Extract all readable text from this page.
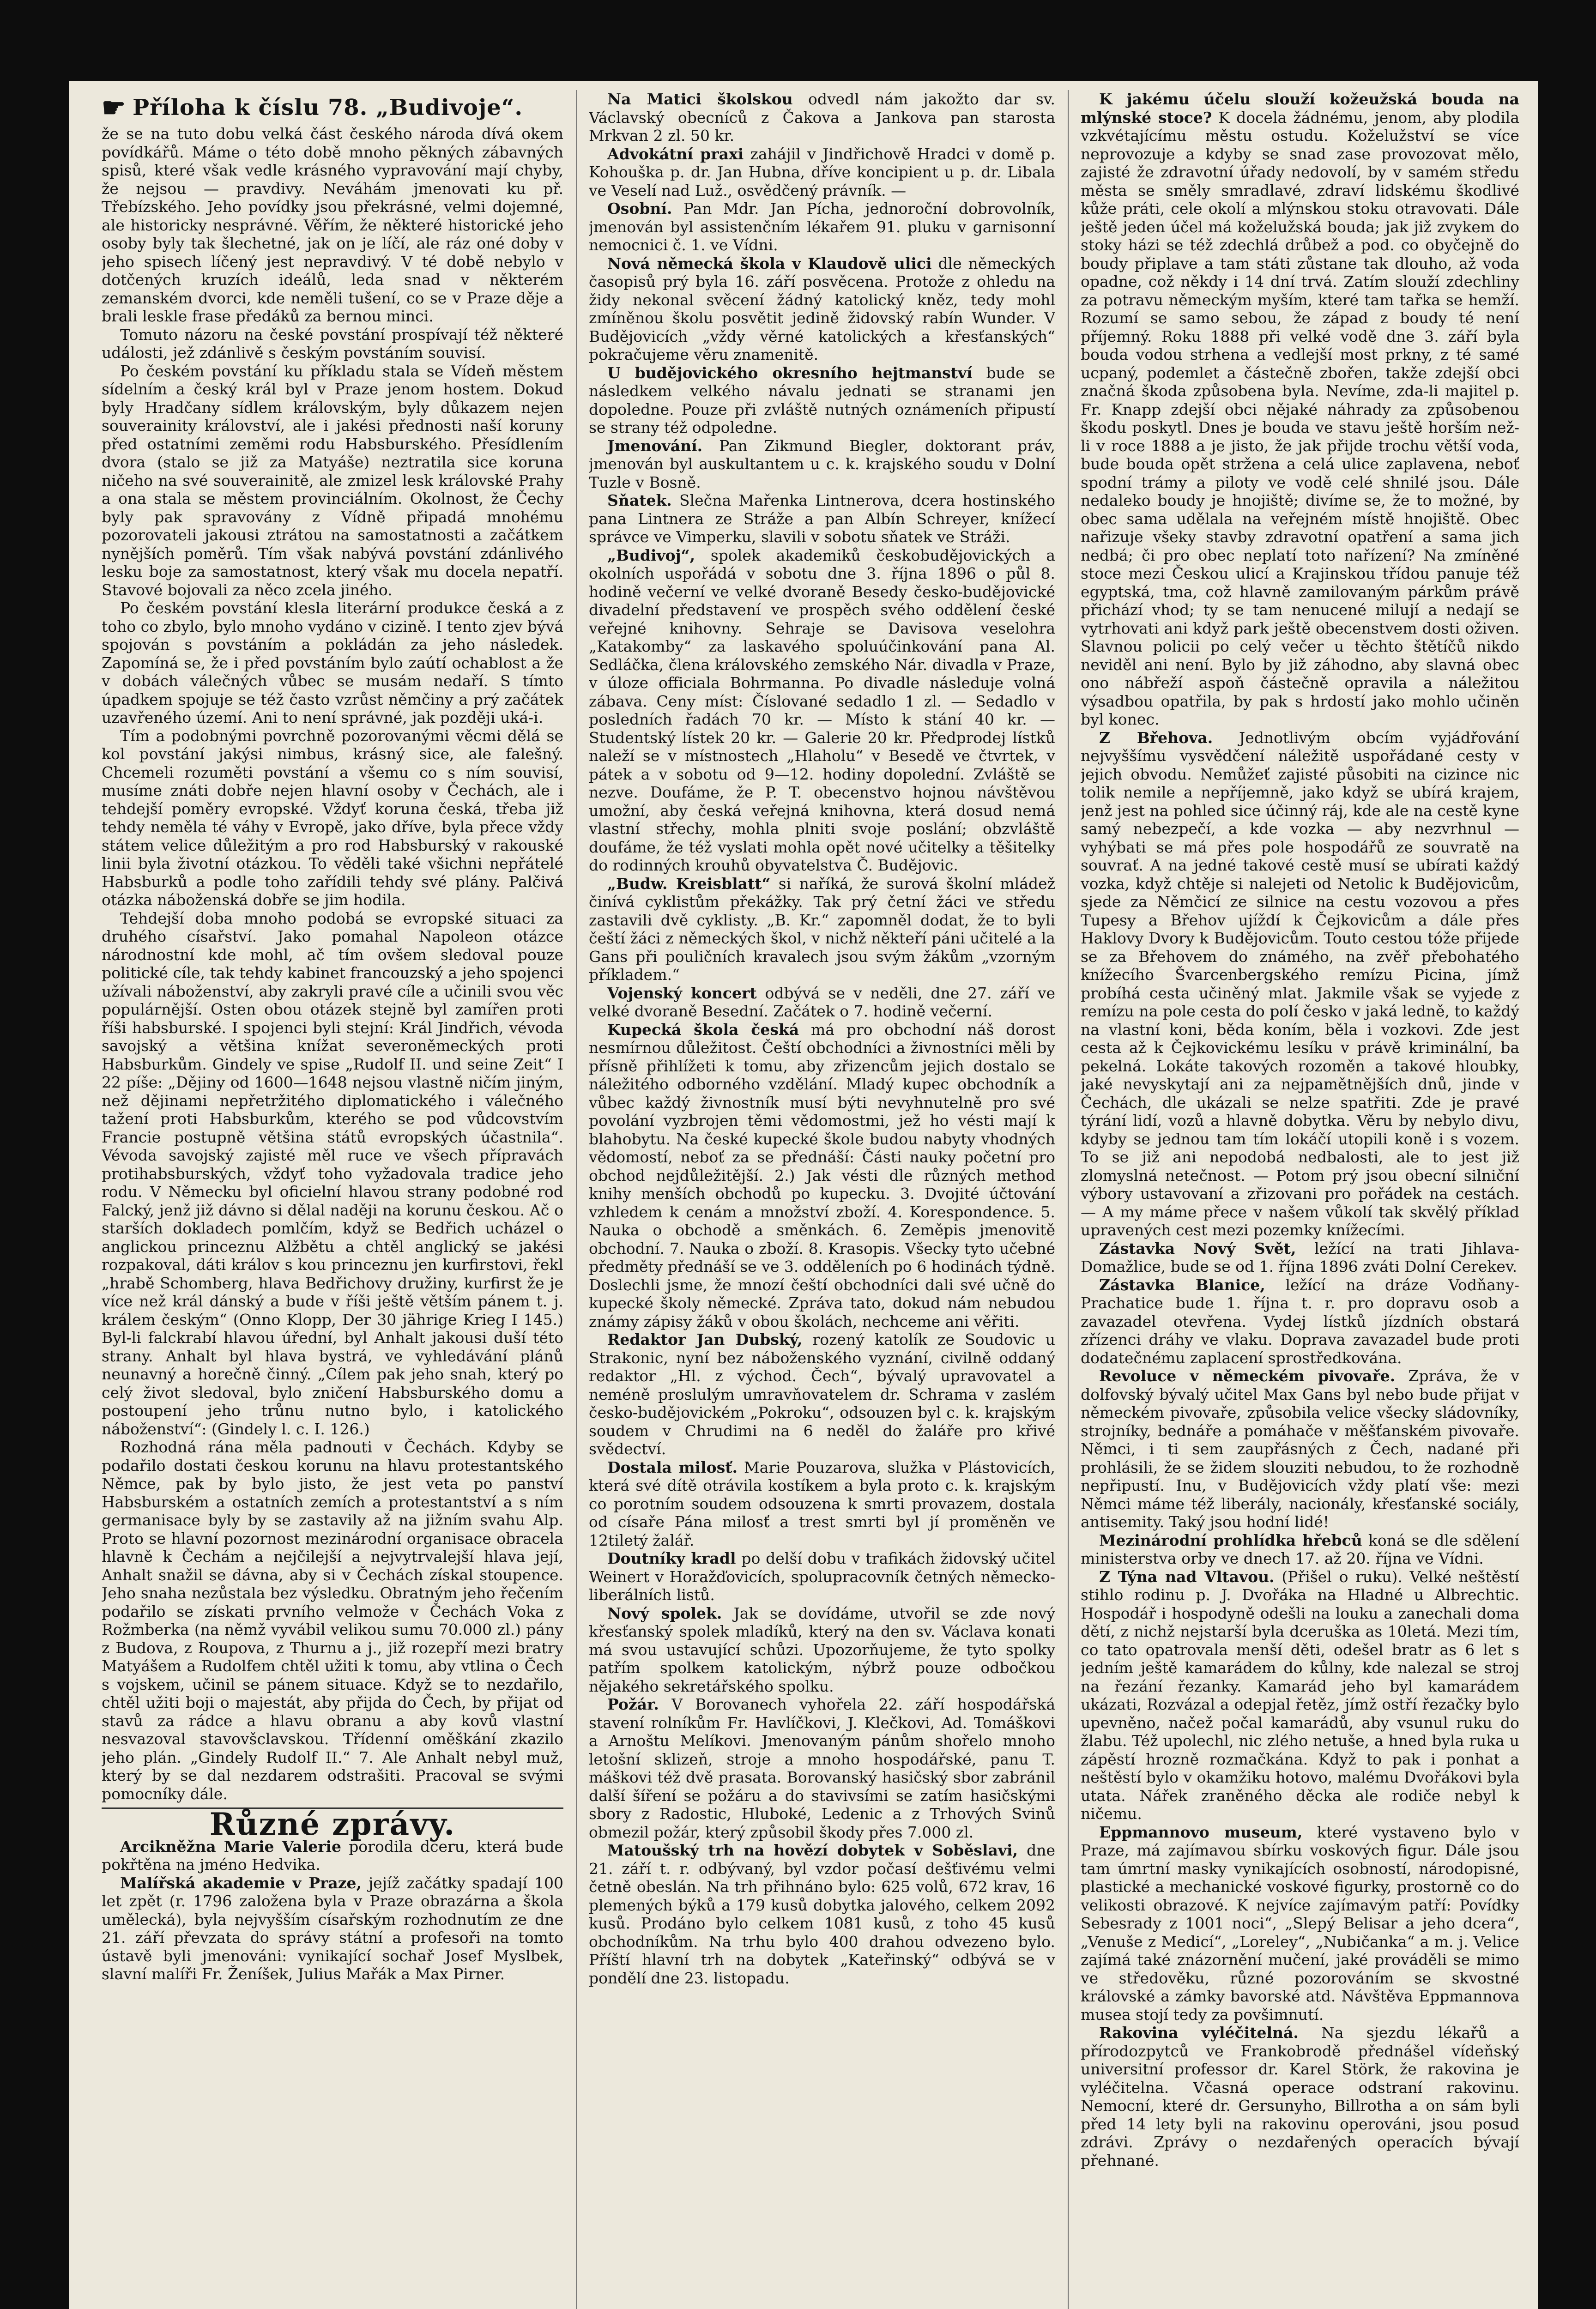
☛ Příloha k číslu 78. „Budivoje“.

že se na tuto dobu velká část českého národa dívá okem povídkářů. Máme o této době mnoho pěkných zábavných spisů, které však vedle krásného vypravování mají chyby, že nejsou — pravdivy. Neváhám jmenovati ku př. Třebízského. Jeho povídky jsou překrásné, velmi dojemné, ale historicky nesprávné. Věřím, že některé historické jeho osoby byly tak šlechetné, jak on je líčí, ale ráz oné doby v jeho spisech líčený jest nepravdivý. V té době nebylo v dotčených kruzích ideálů, leda snad v některém zemanském dvorci, kde neměli tušení, co se v Praze děje a brali leskle frase předáků za bernou minci.

Tomuto názoru na české povstání prospívají též některé události, jež zdánlivě s českým povstáním souvisí.

Po českém povstání ku příkladu stala se Vídeň městem sídelním a český král byl v Praze jenom hostem. Dokud byly Hradčany sídlem královským, byly důkazem nejen souverainity království, ale i jakési přednosti naší koruny před ostatními zeměmi rodu Habsburského. Přesídlením dvora (stalo se již za Matyáše) neztratila sice koruna ničeho na své souverainitě, ale zmizel lesk královské Prahy a ona stala se městem provinciálním. Okolnost, že Čechy byly pak spravovány z Vídně připadá mnohému pozorovateli jakousi ztrátou na samostatnosti a začátkem nynějších poměrů. Tím však nabývá povstání zdánlivého lesku boje za samostatnost, který však mu docela nepatří. Stavové bojovali za něco zcela jiného.

Po českém povstání klesla literární produkce česká a z toho co zbylo, bylo mnoho vydáno v cizině. I tento zjev bývá spojován s povstáním a pokládán za jeho následek. Zapomíná se, že i před povstáním bylo zaútí ochablost a že v dobách válečných vůbec se musám nedaří. S tímto úpadkem spojuje se též často vzrůst němčiny a prý začátek uzavřeného území. Ani to není správné, jak později uká-i.

Tím a podobnými povrchně pozorovanými věcmi dělá se kol povstání jakýsi nimbus, krásný sice, ale falešný. Chcemeli rozuměti povstání a všemu co s ním souvisí, musíme znáti dobře nejen hlavní osoby v Čechách, ale i tehdejší poměry evropské. Vždyť koruna česká, třeba již tehdy neměla té váhy v Evropě, jako dříve, byla přece vždy státem velice důležitým a pro rod Habsburský v rakouské linii byla životní otázkou. To věděli také všichni nepřátelé Habsburků a podle toho zařídili tehdy své plány. Palčivá otázka náboženská dobře se jim hodila.

Tehdejší doba mnoho podobá se evropské situaci za druhého císařství. Jako pomahal Napoleon otázce národnostní kde mohl, ač tím ovšem sledoval pouze politické cíle, tak tehdy kabinet francouzský a jeho spojenci užívali náboženství, aby zakryli pravé cíle a učinili svou věc populárnější. Osten obou otázek stejně byl zamířen proti říši habsburské. I spojenci byli stejní: Král Jindřich, vévoda savojský a většina knížat severoněmeckých proti Habsburkům. Gindely ve spise „Rudolf II. und seine Zeit“ I 22 píše: „Dějiny od 1600—1648 nejsou vlastně ničím jiným, než dějinami nepřetržitého diplomatického i válečného tažení proti Habsburkům, kterého se pod vůdcovstvím Francie postupně většina států evropských účastnila“. Vévoda savojský zajisté měl ruce ve všech přípravách protihabsburských, vždyť toho vyžadovala tradice jeho rodu. V Německu byl oficielní hlavou strany podobné rod Falcký, jenž již dávno si dělal naději na korunu českou. Ač o starších dokladech pomlčím, když se Bedřich ucházel o anglickou princeznu Alžbětu a chtěl anglický se jakési rozpakoval, dáti králov s kou princeznu jen kurfirstovi, řekl „hrabě Schomberg, hlava Bedřichovy družiny, kurfirst že je více než král dánský a bude v říši ještě větším pánem t. j. králem českým“ (Onno Klopp, Der 30 jährige Krieg I 145.) Byl-li falckrabí hlavou úřední, byl Anhalt jakousi duší této strany. Anhalt byl hlava bystrá, ve vyhledávání plánů neunavný a horečně činný. „Cílem pak jeho snah, který po celý život sledoval, bylo zničení Habsburského domu a postoupení jeho trůnu nutno bylo, i katolického náboženství“: (Gindely l. c. I. 126.)

Rozhodná rána měla padnouti v Čechách. Kdyby se podařilo dostati českou korunu na hlavu protestantského Němce, pak by bylo jisto, že jest veta po panství Habsburském a ostatních zemích a protestantství a s ním germanisace byly by se zastavily až na jižním svahu Alp. Proto se hlavní pozornost mezinárodní organisace obracela hlavně k Čechám a nejčilejší a nejvytrvalejší hlava její, Anhalt snažil se dávna, aby si v Čechách získal stoupence. Jeho snaha nezůstala bez výsledku. Obratným jeho řečením podařilo se získati prvního velmože v Čechách Voka z Rožmberka (na němž vyvábil velikou sumu 70.000 zl.) pány z Budova, z Roupova, z Thurnu a j., již rozepří mezi bratry Matyášem a Rudolfem chtěl užiti k tomu, aby vtlina o Čech s vojskem, učinil se pánem situace. Když se to nezdařilo, chtěl užiti boji o majestát, aby přijda do Čech, by přijat od stavů za rádce a hlavu obranu a aby kovů vlastní nesvazoval stavovšclavskou. Třídenní oměškání zkazilo jeho plán. „Gindely Rudolf II.“ 7. Ale Anhalt nebyl muž, který by se dal nezdarem odstrašiti. Pracoval se svými pomocníky dále.

Různé zprávy.

Arcikněžna Marie Valerie porodila dceru, která bude pokřtěna na jméno Hedvika.

Malířská akademie v Praze, jejíž začátky spadají 100 let zpět (r. 1796 založena byla v Praze obrazárna a škola umělecká), byla nejvyšším císařským rozhodnutím ze dne 21. září převzata do správy státní a profesoři na tomto ústavě byli jmenováni: vynikající sochař Josef Myslbek, slavní malíři Fr. Ženíšek, Julius Mařák a Max Pirner.

Na Matici školskou odvedl nám jakožto dar sv. Václavský obecníců z Čakova a Jankova pan starosta Mrkvan 2 zl. 50 kr.

Advokátní praxi zahájil v Jindřichově Hradci v domě p. Kohouška p. dr. Jan Hubna, dříve koncipient u p. dr. Libala ve Veselí nad Luž., osvědčený právník. —

Osobní. Pan Mdr. Jan Pícha, jednoroční dobrovolník, jmenován byl assistenčním lékařem 91. pluku v garnisonní nemocnici č. 1. ve Vídni.

Nová německá škola v Klaudově ulici dle německých časopisů prý byla 16. září posvěcena. Protože z ohledu na židy nekonal svěcení žádný katolický kněz, tedy mohl zmíněnou školu posvětit jedině židovský rabín Wunder. V Budějovicích „vždy věrné katolických a křesťanských“ pokračujeme věru znamenitě.

U budějovického okresního hejtmanství bude se následkem velkého návalu jednati se stranami jen dopoledne. Pouze při zvláště nutných oznámeních připustí se strany též odpoledne.

Jmenování. Pan Zikmund Biegler, doktorant práv, jmenován byl auskultantem u c. k. krajského soudu v Dolní Tuzle v Bosně.

Sňatek. Slečna Mařenka Lintnerova, dcera hostinského pana Lintnera ze Stráže a pan Albín Schreyer, knížecí správce ve Vimperku, slavili v sobotu sňatek ve Stráži.

„Budivoj“, spolek akademiků českobudějovických a okolních uspořádá v sobotu dne 3. října 1896 o půl 8. hodině večerní ve velké dvoraně Besedy česko-budějovické divadelní představení ve prospěch svého oddělení české veřejné knihovny. Sehraje se Davisova veselohra „Katakomby“ za laskavého spoluúčinkování pana Al. Sedláčka, člena královského zemského Nár. divadla v Praze, v úloze officiala Bohrmanna. Po divadle následuje volná zábava. Ceny míst: Číslované sedadlo 1 zl. — Sedadlo v posledních řadách 70 kr. — Místo k stání 40 kr. — Studentský lístek 20 kr. — Galerie 20 kr. Předprodej lístků naleží se v místnostech „Hlaholu“ v Besedě ve čtvrtek, v pátek a v sobotu od 9—12. hodiny dopolední. Zvláště se nezve. Doufáme, že P. T. obecenstvo hojnou návštěvou umožní, aby česká veřejná knihovna, která dosud nemá vlastní střechy, mohla plniti svoje poslání; obzvláště doufáme, že též vyslati mohla opět nové učitelky a těšitelky do rodinných krouhů obyvatelstva Č. Budějovic.

„Budw. Kreisblatt“ si naříká, že surová školní mládež činívá cyklistům překážky. Tak prý četní žáci ve středu zastavili dvě cyklisty. „B. Kr.“ zapomněl dodat, že to byli čeští žáci z německých škol, v nichž někteří páni učitelé a la Gans při pouličních kravalech jsou svým žákům „vzorným příkladem.“

Vojenský koncert odbývá se v neděli, dne 27. září ve velké dvoraně Besední. Začátek o 7. hodině večerní.

Kupecká škola česká má pro obchodní náš dorost nesmírnou důležitost. Čeští obchodníci a živnostníci měli by přísně přihlížeti k tomu, aby zřizencům jejich dostalo se náležitého odborného vzdělání. Mladý kupec obchodník a vůbec každý živnostník musí býti nevyhnutelně pro své povolání vyzbrojen těmi vědomostmi, jež ho vésti mají k blahobytu. Na české kupecké škole budou nabyty vhodných vědomostí, neboť za se přednáší: Části nauky početní pro obchod nejdůležitější. 2.) Jak vésti dle různých method knihy menších obchodů po kupecku. 3. Dvojité účtování vzhledem k cenám a množství zboží. 4. Korespondence. 5. Nauka o obchodě a směnkách. 6. Zeměpis jmenovitě obchodní. 7. Nauka o zboží. 8. Krasopis. Všecky tyto učebné předměty přednáší se ve 3. odděleních po 6 hodinách týdně. Doslechli jsme, že mnozí čeští obchodníci dali své učně do kupecké školy německé. Zpráva tato, dokud nám nebudou známy zápisy žáků v obou školách, nechceme ani věřiti.

Redaktor Jan Dubský, rozený katolík ze Soudovic u Strakonic, nyní bez náboženského vyznání, civilně oddaný redaktor „Hl. z východ. Čech“, bývalý upravovatel a neméně proslulým umravňovatelem dr. Schrama v zaslém česko-budějovickém „Pokroku“, odsouzen byl c. k. krajským soudem v Chrudimi na 6 neděl do žaláře pro křivé svědectví.

Dostala milosť. Marie Pouzarova, služka v Plástovicích, která své dítě otrávila kostíkem a byla proto c. k. krajským co porotním soudem odsouzena k smrti provazem, dostala od císaře Pána milosť a trest smrti byl jí proměněn ve 12tiletý žalář.

Doutníky kradl po delší dobu v trafikách židovský učitel Weinert v Horažďovicích, spolupracovník četných německo-liberálních listů.

Nový spolek. Jak se dovídáme, utvořil se zde nový křesťanský spolek mladíků, který na den sv. Václava konati má svou ustavující schůzi. Upozorňujeme, že tyto spolky patřím spolkem katolickým, nýbrž pouze odbočkou nějakého sekretářského spolku.

Požár. V Borovanech vyhořela 22. září hospodářská stavení rolníkům Fr. Havlíčkovi, J. Klečkovi, Ad. Tomáškovi a Arnoštu Melíkovi. Jmenovaným pánům shořelo mnoho letošní sklizeň, stroje a mnoho hospodářské, panu T. máškovi též dvě prasata. Borovanský hasičský sbor zabránil další šíření se požáru a do stavivsími se zatím hasičskými sbory z Radostic, Hluboké, Ledenic a z Trhových Svinů obmezil požár, který způsobil škody přes 7.000 zl.

Matoušský trh na hovězí dobytek v Soběslavi, dne 21. září t. r. odbývaný, byl vzdor počasí dešťivému velmi četně obeslán. Na trh přihnáno bylo: 625 volů, 672 krav, 16 plemených býků a 179 kusů dobytka jalového, celkem 2092 kusů. Prodáno bylo celkem 1081 kusů, z toho 45 kusů obchodníkům. Na trhu bylo 400 drahou odvezeno bylo. Příští hlavní trh na dobytek „Kateřinský“ odbývá se v pondělí dne 23. listopadu.

K jakému účelu slouží kožeužská bouda na mlýnské stoce? K docela žádnému, jenom, aby plodila vzkvétajícímu městu ostudu. Koželužství se více neprovozuje a kdyby se snad zase provozovat mělo, zajisté že zdravotní úřady nedovolí, by v samém středu města se směly smradlavé, zdraví lidskému škodlivé kůže práti, cele okolí a mlýnskou stoku otravovati. Dále ještě jeden účel má koželužská bouda; jak již zvykem do stoky házi se též zdechlá drůbež a pod. co obyčejně do boudy připlave a tam státi zůstane tak dlouho, až voda opadne, což někdy i 14 dní trvá. Zatím slouží zdechliny za potravu německým myším, které tam tařka se hemží. Rozumí se samo sebou, že západ z boudy té není příjemný. Roku 1888 při velké vodě dne 3. září byla bouda vodou strhena a vedlejší most prkny, z té samé ucpaný, podemlet a částečně zbořen, takže zdejší obci značná škoda způsobena byla. Nevíme, zda-li majitel p. Fr. Knapp zdejší obci nějaké náhrady za způsobenou škodu poskytl. Dnes je bouda ve stavu ještě horším než-li v roce 1888 a je jisto, že jak přijde trochu větší voda, bude bouda opět strženа a celá ulice zaplavena, neboť spodní trámy a piloty ve vodě celé shnilé jsou. Dále nedaleko boudy je hnojiště; divíme se, že to možné, by obec sama udělala na veřejném místě hnojiště. Obec nařizuje všeky stavby zdravotní opatření a sama jich nedbá; či pro obec neplatí toto nařízení? Na zmíněné stoce mezi Českou ulicí a Krajinskou třídou panuje též egyptská, tma, což hlavně zamilovaným párkům právě přichází vhod; ty se tam nenucené milují a nedají se vytrhovati ani když park ještě obecenstvem dosti oživen. Slavnou policii po celý večer u těchto štětíčů nikdo neviděl ani není. Bylo by již záhodno, aby slavná obec ono nábřeží aspoň částečně opravila a náležitou výsadbou opatřila, by pak s hrdostí jako mohlo učiněn byl konec.

Z Břehova. Jednotlivým obcím vyjádřování nejvyššímu vysvědčení náležitě uspořádané cesty v jejich obvodu. Nemůžeť zajisté působiti na cizince nic tolik nemile a nepříjemně, jako když se ubírá krajem, jenž jest na pohled sice účinný ráj, kde ale na cestě kyne samý nebezpečí, a kde vozka — aby nezvrhnul — vyhýbati se má přes pole hospodářů ze souvratě na souvrať. A na jedné takové cestě musí se ubírati každý vozka, když chtěje si nalejeti od Netolic k Budějovicům, sjede za Němčicí ze silnice na cestu vozovou a přes Tupesy a Břehov ujíždí k Čejkovicům a dále přes Haklovy Dvory k Budějovicům. Touto cestou tóže přijede se za Břehovem do známého, na zvěř přebohatého knížecího Švarcenbergského remízu Picina, jímž probíhá cesta učiněný mlat. Jakmile však se vyjede z remízu na pole cesta do polí česko v jaká ledně, to každý na vlastní koni, běda koním, běla i vozkovi. Zde jest cesta až k Čejkovickému lesíku v právě kriminální, ba pekelná. Lokáte takových rozoměn a takové hloubky, jaké nevyskytají ani za nejpamětnějších dnů, jinde v Čechách, dle ukázali se nelze spatřiti. Zde je pravé týrání lidí, vozů a hlavně dobytka. Věru by nebylo divu, kdyby se jednou tam tím lokáčí utopili koně i s vozem. To se již ani nepodobá nedbalosti, ale to jest již zlomyslná netečnost. — Potom prý jsou obecní silniční výbory ustavovaní a zřizovani pro pořádek na cestách. — A my máme přece v našem vůkolí tak skvělý příklad upravených cest mezi pozemky knížecími.

Zástavka Nový Svět, ležící na trati Jihlava-Domažlice, bude se od 1. října 1896 zváti Dolní Cerekev.

Zástavka Blanice, ležící na dráze Vodňany-Prachatice bude 1. října t. r. pro dopravu osob a zavazadel otevřena. Vydej lístků jízdních obstará zřízenci dráhy ve vlaku. Doprava zavazadel bude proti dodatečnému zaplacení sprostředkována.

Revoluce v německém pivovaře. Zpráva, že v dolfovský bývalý učitel Max Gans byl nebo bude přijat v německém pivovaře, způsobila velice všecky sládovníky, strojníky, bednáře a pomáhače v měšťanském pivovaře. Němci, i ti sem zaupřásných z Čech, nadané při prohlásili, že se židem slouziti nebudou, to že rozhodně nepřipustí. Inu, v Budějovicích vždy platí vše: mezi Němci máme též liberály, nacionály, křesťanské sociály, antisemity. Taký jsou hodní lidé!

Mezinárodní prohlídka hřebců koná se dle sdělení ministerstva orby ve dnech 17. až 20. října ve Vídni.

Z Týna nad Vltavou. (Přišel o ruku). Velké neštěstí stihlo rodinu p. J. Dvořáka na Hladné u Albrechtic. Hospodář i hospodyně odešli na louku a zanechali doma dětí, z nichž nejstarší byla dceruška as 10letá. Mezi tím, co tato opatrovala menší děti, odešel bratr as 6 let s jedním ještě kamarádem do kůlny, kde nalezal se stroj na řezání řezanky. Kamarád jeho byl kamarádem ukázati, Rozvázal a odepjal řetěz, jímž ostří řezačky bylo upevněno, načež počal kamarádů, aby vsunul ruku do žlabu. Též upolechl, nic zlého netuše, a hned byla ruka u zápěstí hrozně rozmačkána. Když to pak i ponhat a neštěstí bylo v okamžiku hotovo, malému Dvořákovi byla utata. Nářek zraněného děcka ale rodiče nebyl k ničemu.

Eppmannovo museum, které vystaveno bylo v Praze, má zajímavou sbírku voskových figur. Dále jsou tam úmrtní masky vynikajících osobností, národopisné, plastické a mechanické voskové figurky, prostorně co do velikosti obrazové. K nejvíce zajímavým patří: Povídky Sebesrady z 1001 noci“, „Slepý Belisar a jeho dcera“, „Venuše z Medicí“, „Loreley“, „Nubičanka“ a m. j. Velice zajímá také znázornění mučení, jaké prováděli se mimo ve středověku, různé pozorováním se skvostné královské a zámky bavorské atd. Návštěva Eppmannova musea stojí tedy za povšimnutí.

Rakovina vyléčitelná. Na sjezdu lékařů a přírodozpytců ve Frankobrodě přednášel vídeňský universitní professor dr. Karel Störk, že rakovina je vyléčitelna. Včasná operace odstraní rakovinu. Nemocní, které dr. Gersunyho, Billrotha a on sám byli před 14 lety byli na rakovinu operováni, jsou posud zdrávi. Zprávy o nezdařených operacích bývají přehnané.
